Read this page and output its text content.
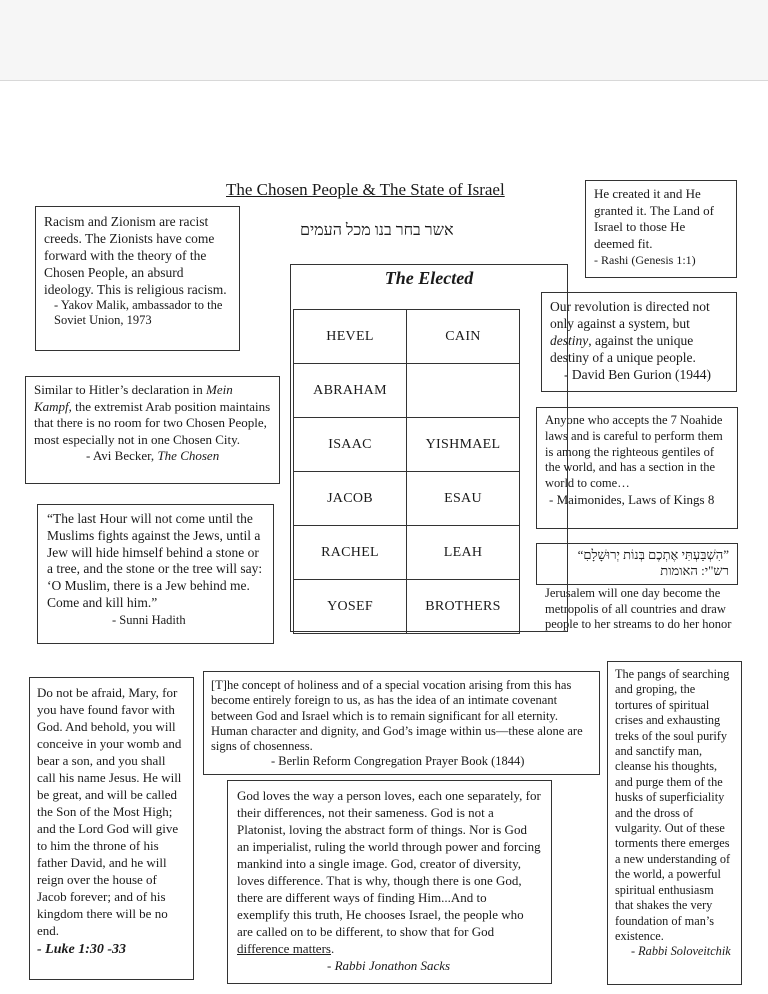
The Chosen People & The State of Israel
אשר בחר בנו מכל העמים

Racism and Zionism are racist creeds. The Zionists have come forward with the theory of the Chosen People, an absurd ideology. This is religious racism.

- Yakov Malik, ambassador to the Soviet Union, 1973

Similar to Hitler’s declaration in Mein Kampf, the extremist Arab position maintains that there is no room for two Chosen People, most especially not in one Chosen City.

- Avi Becker, The Chosen

“The last Hour will not come until the Muslims fights against the Jews, until a Jew will hide himself behind a stone or a tree, and the stone or the tree will say: ‘O Muslim, there is a Jew behind me. Come and kill him.”

- Sunni Hadith

Do not be afraid, Mary, for you have found favor with God. And behold, you will conceive in your womb and bear a son, and you shall call his name Jesus. He will be great, and will be called the Son of the Most High; and the Lord God will give to him the throne of his father David, and he will reign over the house of Jacob forever; and of his kingdom there will be no end.

- Luke 1:30 -33

He created it and He granted it. The Land of Israel to those He deemed fit.

- Rashi (Genesis 1:1)

Our revolution is directed not only against a system, but destiny, against the unique destiny of a unique people.

- David Ben Gurion (1944)

Anyone who accepts the 7 Noahide laws and is careful to perform them is among the righteous gentiles of the world, and has a section in the world to come…

- Maimonides, Laws of Kings 8
”הִשְׁבַּעְתִּי אֶתְכֶם בְּנוֹת יְרוּשָׁלָםִ“
רש"י: האומות
Jerusalem will one day become the metropolis of all countries and draw people to her streams to do her honor
The Elected
HEVEL	CAIN
ABRAHAM	
ISAAC	YISHMAEL
JACOB	ESAU
RACHEL	LEAH
YOSEF	BROTHERS

[T]he concept of holiness and of a special vocation arising from this has become entirely foreign to us, as has the idea of an intimate covenant between God and Israel which is to remain significant for all eternity. Human character and dignity, and God’s image within us—these alone are signs of chosenness.

- Berlin Reform Congregation Prayer Book (1844)

God loves the way a person loves, each one separately, for their differences, not their sameness. God is not a Platonist, loving the abstract form of things. Nor is God an imperialist, ruling the world through power and forcing mankind into a single image. God, creator of diversity, loves difference. That is why, though there is one God, there are different ways of finding Him...And to exemplify this truth, He chooses Israel, the people who are called on to be different, to show that for God difference matters.

- Rabbi Jonathon Sacks

The pangs of searching and groping, the tortures of spiritual crises and exhausting treks of the soul purify and sanctify man, cleanse his thoughts, and purge them of the husks of superficiality and the dross of vulgarity. Out of these torments there emerges a new understanding of the world, a powerful spiritual enthusiasm that shakes the very foundation of man’s existence.

- Rabbi Soloveitchik
